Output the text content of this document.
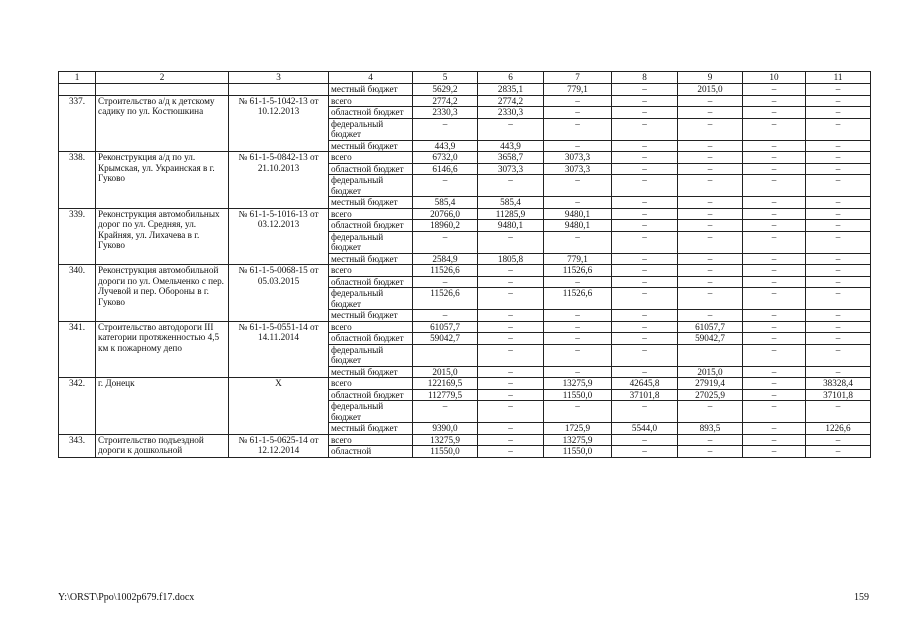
1	2	3	4	5	6	7	8	9	10	11
			местный бюджет	5629,2	2835,1	779,1	–	2015,0	–	–
337.	Строительство а/д к детскому садику по ул. Костюшкина	№ 61-1-5-1042-13 от 10.12.2013	всего	2774,2	2774,2	–	–	–	–	–
			областной бюджет	2330,3	2330,3	–	–	–	–	–
			федеральный бюджет	–	–	–	–	–	–	–
			местный бюджет	443,9	443,9	–	–	–	–	–
338.	Реконструкция а/д по ул. Крымская, ул. Украинская в г. Гуково	№ 61-1-5-0842-13 от 21.10.2013	всего	6732,0	3658,7	3073,3	–	–	–	–
			областной бюджет	6146,6	3073,3	3073,3	–	–	–	–
			федеральный бюджет	–	–	–	–	–	–	–
			местный бюджет	585,4	585,4	–	–	–	–	–
339.	Реконструкция автомобильных дорог по ул. Средняя, ул. Крайняя, ул. Лихачева в г. Гуково	№ 61-1-5-1016-13 от 03.12.2013	всего	20766,0	11285,9	9480,1	–	–	–	–
			областной бюджет	18960,2	9480,1	9480,1	–	–	–	–
			федеральный бюджет	–	–	–	–	–	–	–
			местный бюджет	2584,9	1805,8	779,1	–	–	–	–
340.	Реконструкция автомобильной дороги по ул. Омельченко с пер. Лучевой и пер. Обороны в г. Гуково	№ 61-1-5-0068-15 от 05.03.2015	всего	11526,6	–	11526,6	–	–	–	–
			областной бюджет	–	–	–	–	–	–	–
			федеральный бюджет	11526,6	–	11526,6	–	–	–	–
			местный бюджет	–	–	–	–	–	–	–
341.	Строительство автодороги III категории протяженностью 4,5 км к пожарному депо	№ 61-1-5-0551-14 от 14.11.2014	всего	61057,7	–	–	–	61057,7	–	–
			областной бюджет	59042,7	–	–	–	59042,7	–	–
			федеральный бюджет		–	–	–		–	–
			местный бюджет	2015,0	–	–	–	2015,0	–	–
342.	г. Донецк	Х	всего	122169,5	–	13275,9	42645,8	27919,4	–	38328,4
			областной бюджет	112779,5	–	11550,0	37101,8	27025,9	–	37101,8
			федеральный бюджет	–	–	–	–	–	–	–
			местный бюджет	9390,0	–	1725,9	5544,0	893,5	–	1226,6
343.	Строительство подъездной дороги к дошкольной	№ 61-1-5-0625-14 от 12.12.2014	всего	13275,9	–	13275,9	–	–	–	–
			областной	11550,0	–	11550,0	–	–	–	–
Y:\ORST\Ppo\1002p679.f17.docx	159
